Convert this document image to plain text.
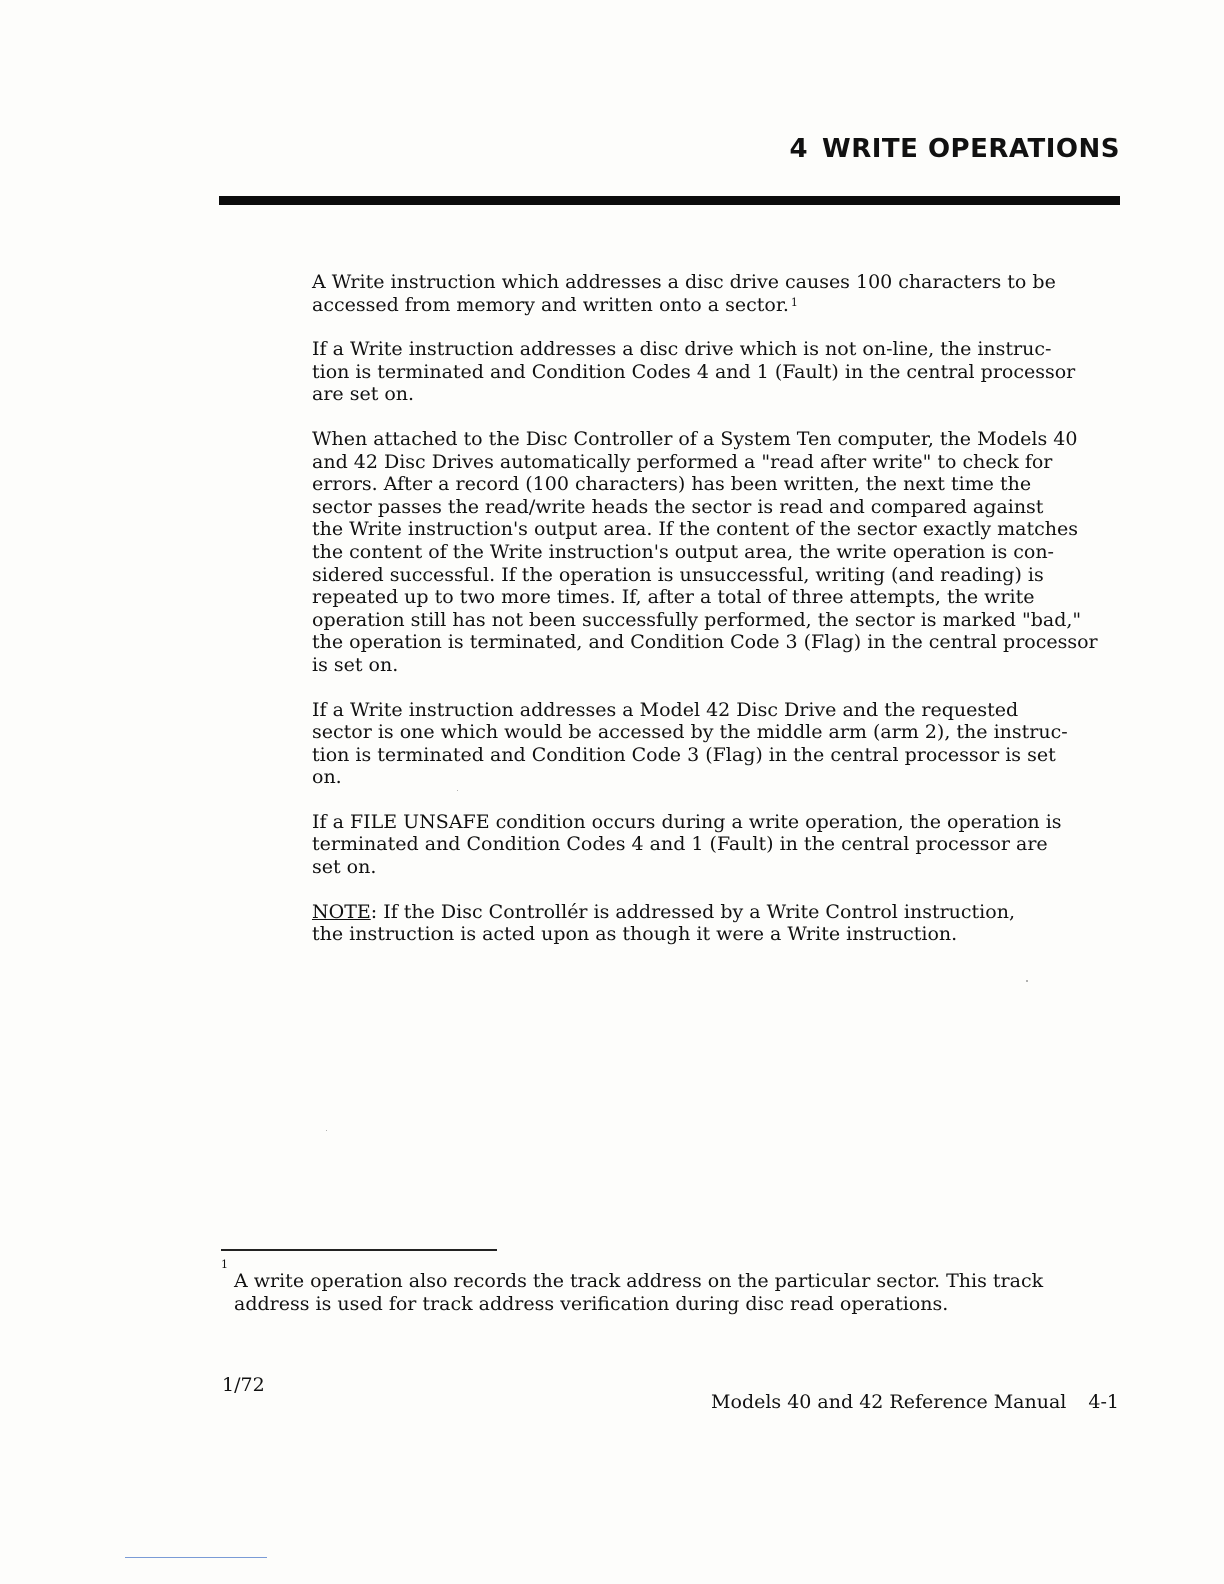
4 WRITE OPERATIONS

A Write instruction which addresses a disc drive causes 100 characters to be
accessed from memory and written onto a sector. $^1$

If a Write instruction addresses a disc drive which is not on-line, the instruc-
tion is terminated and Condition Codes 4 and 1 (Fault) in the central processor
are set on.

When attached to the Disc Controller of a System Ten computer, the Models 40
and 42 Disc Drives automatically performed a "read after write" to check for
errors. After a record (100 characters) has been written, the next time the
sector passes the read/write heads the sector is read and compared against
the Write instruction's output area. If the content of the sector exactly matches
the content of the Write instruction's output area, the write operation is con-
sidered successful. If the operation is unsuccessful, writing (and reading) is
repeated up to two more times. If, after a total of three attempts, the write
operation still has not been successfully performed, the sector is marked "bad,"
the operation is terminated, and Condition Code 3 (Flag) in the central processor
is set on.

If a Write instruction addresses a Model 42 Disc Drive and the requested
sector is one which would be accessed by the middle arm (arm 2), the instruc-
tion is terminated and Condition Code 3 (Flag) in the central processor is set
on.

If a FILE UNSAFE condition occurs during a write operation, the operation is
terminated and Condition Codes 4 and 1 (Fault) in the central processor are
set on.

NOTE: If the Disc Controllér is addressed by a Write Control instruction,
the instruction is acted upon as though it were a Write instruction.

1
A write operation also records the track address on the particular sector. This track
address is used for track address verification during disc read operations.
1/72
Models 40 and 42 Reference Manual 4-1
